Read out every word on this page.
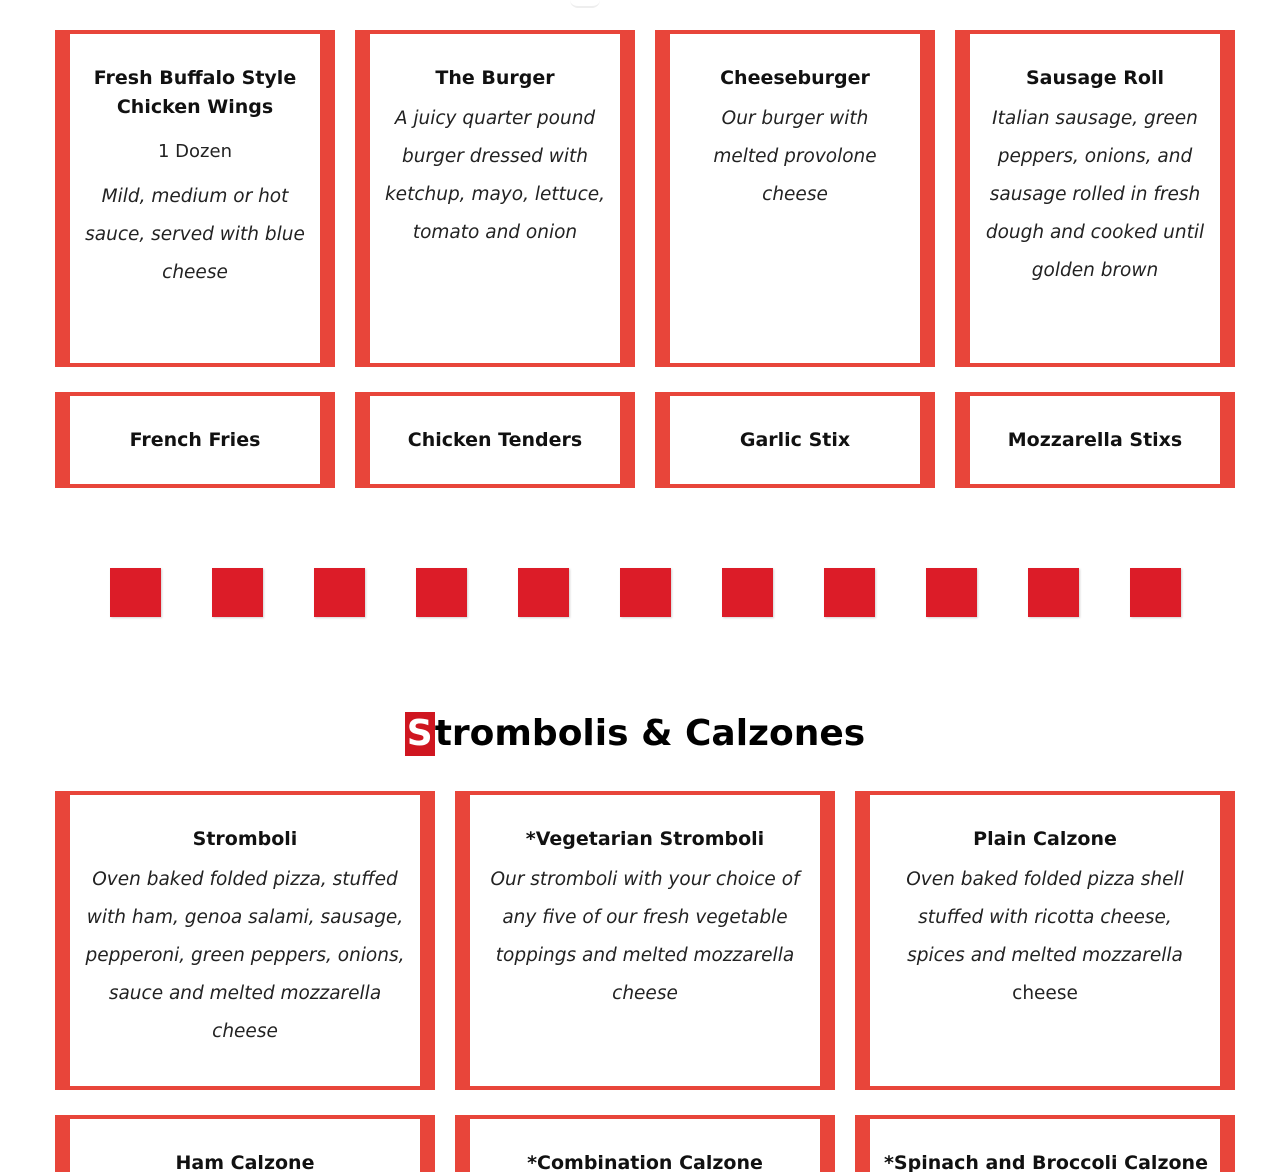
Fresh Buffalo Style Chicken Wings
1 Dozen
Mild, medium or hot sauce, served with blue cheese
The Burger
A juicy quarter pound burger dressed with ketchup, mayo, lettuce, tomato and onion
Cheeseburger
Our burger with melted provolone cheese
Sausage Roll
Italian sausage, green peppers, onions, and sausage rolled in fresh dough and cooked until golden brown
French Fries	Chicken Tenders	Garlic Stix	Mozzarella Stixs
Strombolis & Calzones
Stromboli
Oven baked folded pizza, stuffed with ham, genoa salami, sausage, pepperoni, green peppers, onions, sauce and melted mozzarella cheese
*Vegetarian Stromboli
Our stromboli with your choice of any five of our fresh vegetable toppings and melted mozzarella cheese
Plain Calzone
Oven baked folded pizza shell stuffed with ricotta cheese, spices and melted mozzarella
cheese
Ham Calzone	*Combination Calzone	*Spinach and Broccoli Calzone
